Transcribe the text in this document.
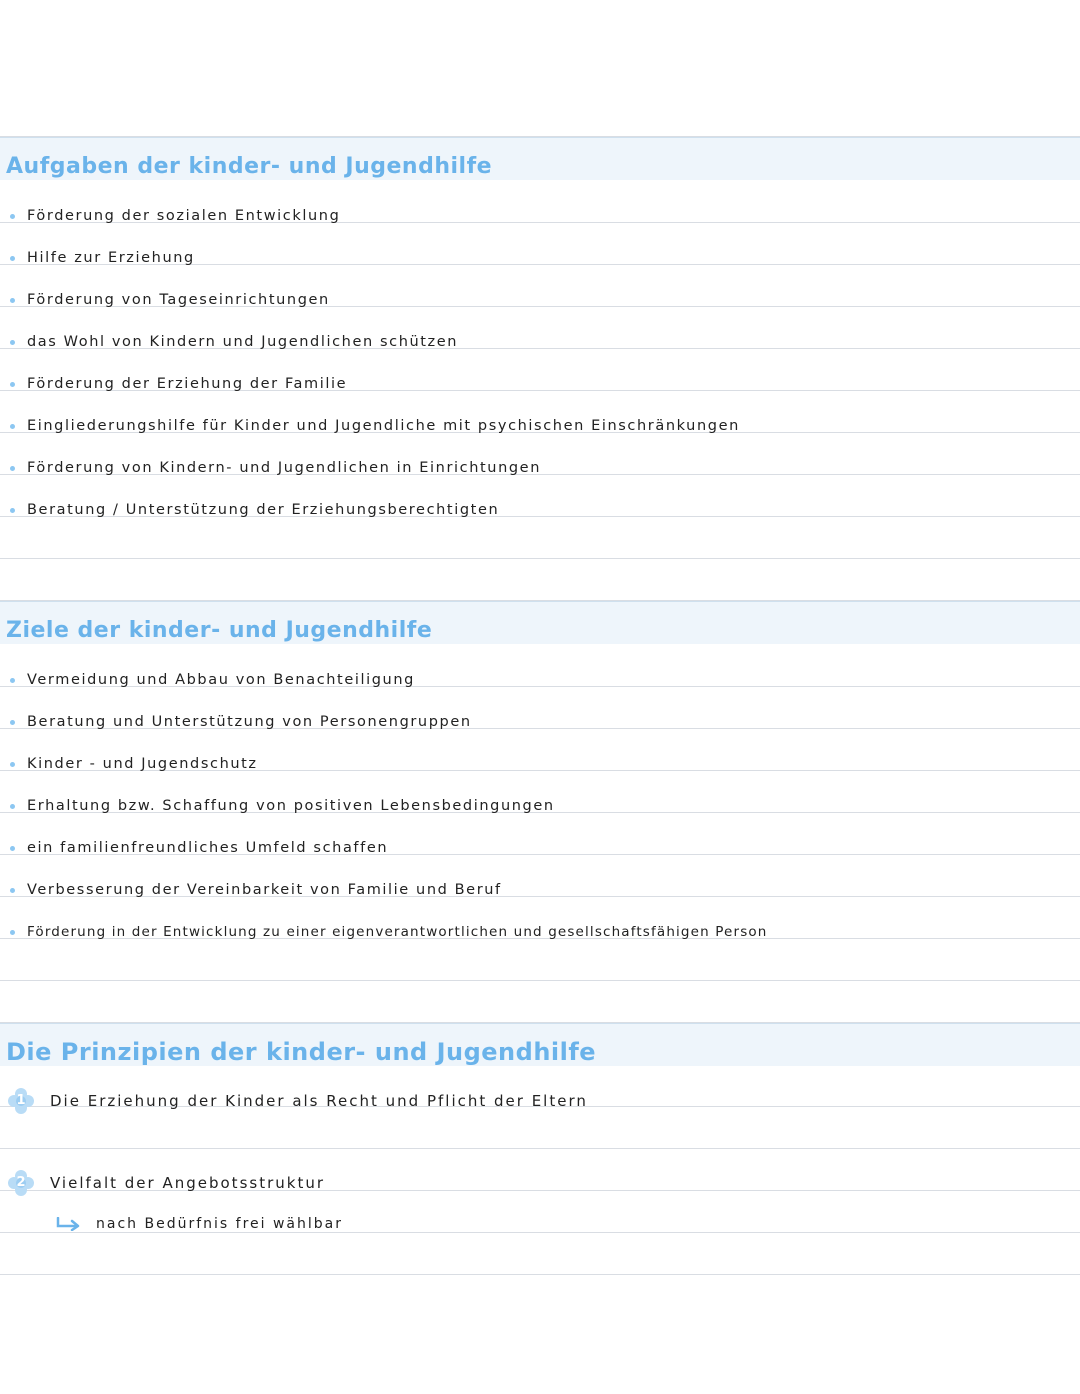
Aufgaben der kinder- und Jugendhilfe
Förderung der sozialen Entwicklung
Hilfe zur Erziehung
Förderung von Tageseinrichtungen
das Wohl von Kindern und Jugendlichen schützen
Förderung der Erziehung der Familie
Eingliederungshilfe für Kinder und Jugendliche mit psychischen Einschränkungen
Förderung von Kindern- und Jugendlichen in Einrichtungen
Beratung / Unterstützung der Erziehungsberechtigten
Ziele der kinder- und Jugendhilfe
Vermeidung und Abbau von Benachteiligung
Beratung und Unterstützung von Personengruppen
Kinder - und Jugendschutz
Erhaltung bzw. Schaffung von positiven Lebensbedingungen
ein familienfreundliches Umfeld schaffen
Verbesserung der Vereinbarkeit von Familie und Beruf
Förderung in der Entwicklung zu einer eigenverantwortlichen und gesellschaftsfähigen Person
Die Prinzipien der kinder- und Jugendhilfe
1	Die Erziehung der Kinder als Recht und Pflicht der Eltern
2	Vielfalt der Angebotsstruktur
nach Bedürfnis frei wählbar
